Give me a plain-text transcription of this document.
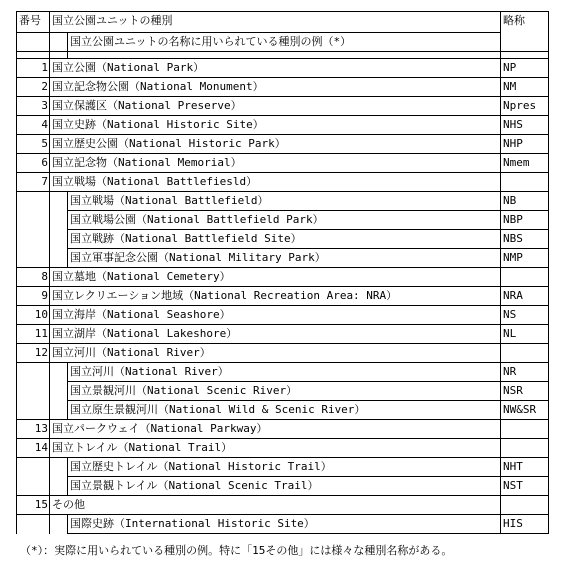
番号	国立公園ユニットの種別		略称
		国立公園ユニットの名称に用いられている種別の例（*）	

1	国立公園（National Park）		NP
2	国立記念物公園（National Monument）		NM
3	国立保護区（National Preserve）		Npres
4	国立史跡（National Historic Site）		NHS
5	国立歴史公園（National Historic Park）		NHP
6	国立記念物（National Memorial）		Nmem
7	国立戦場（National Battlefiesld）		
		国立戦場（National Battlefield）	NB
		国立戦場公園（National Battlefield Park）	NBP
		国立戦跡（National Battlefield Site）	NBS
		国立軍事記念公園（National Military Park）	NMP
8	国立墓地（National Cemetery）		
9	国立レクリエーション地域（National Recreation Area: NRA）		NRA
10	国立海岸（National Seashore）		NS
11	国立湖岸（National Lakeshore）		NL
12	国立河川（National River）		
		国立河川（National River）	NR
		国立景観河川（National Scenic River）	NSR
		国立原生景観河川（National Wild & Scenic River）	NW&SR
13	国立パークウェイ（National Parkway）		
14	国立トレイル（National Trail）		
		国立歴史トレイル（National Historic Trail）	NHT
		国立景観トレイル（National Scenic Trail）	NST
15	その他		
		国際史跡（International Historic Site）	HIS
（*）：実際に用いられている種別の例。特に「15その他」には様々な種別名称がある。
